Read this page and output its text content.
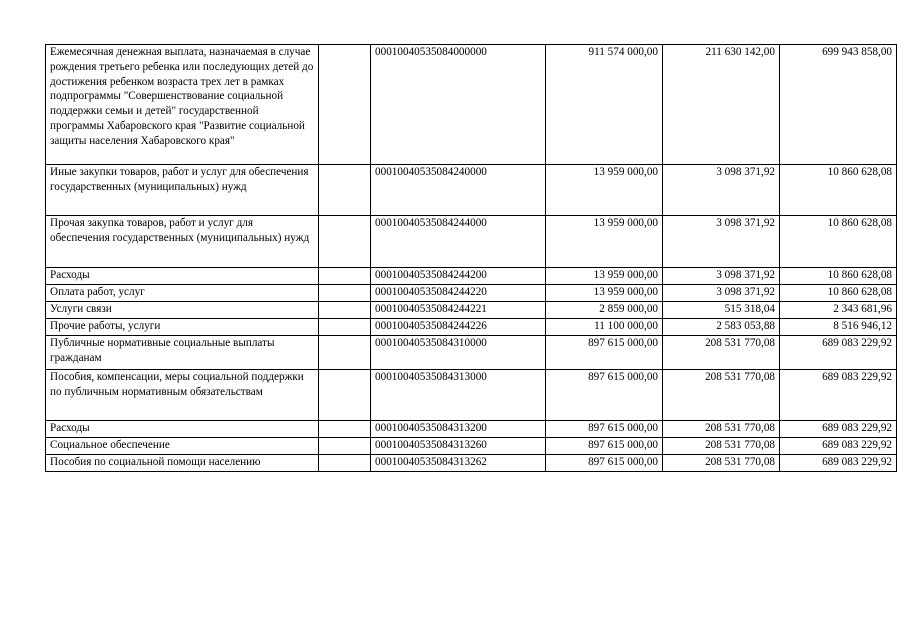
Ежемесячная денежная выплата, назначаемая в случае рождения третьего ребенка или последующих детей до достижения ребенком возраста трех лет в рамках подпрограммы "Совершенствование социальной поддержки семьи и детей" государственной программы Хабаровского края "Развитие социальной защиты населения Хабаровского края"		00010040535084000000	911 574 000,00	211 630 142,00	699 943 858,00
Иные закупки товаров, работ и услуг для обеспечения государственных (муниципальных) нужд		00010040535084240000	13 959 000,00	3 098 371,92	10 860 628,08
Прочая закупка товаров, работ и услуг для обеспечения государственных (муниципальных) нужд		00010040535084244000	13 959 000,00	3 098 371,92	10 860 628,08
Расходы		00010040535084244200	13 959 000,00	3 098 371,92	10 860 628,08
Оплата работ, услуг		00010040535084244220	13 959 000,00	3 098 371,92	10 860 628,08
Услуги связи		00010040535084244221	2 859 000,00	515 318,04	2 343 681,96
Прочие работы, услуги		00010040535084244226	11 100 000,00	2 583 053,88	8 516 946,12
Публичные нормативные социальные выплаты гражданам		00010040535084310000	897 615 000,00	208 531 770,08	689 083 229,92
Пособия, компенсации, меры социальной поддержки по публичным нормативным обязательствам		00010040535084313000	897 615 000,00	208 531 770,08	689 083 229,92
Расходы		00010040535084313200	897 615 000,00	208 531 770,08	689 083 229,92
Социальное обеспечение		00010040535084313260	897 615 000,00	208 531 770,08	689 083 229,92
Пособия по социальной помощи населению		00010040535084313262	897 615 000,00	208 531 770,08	689 083 229,92
